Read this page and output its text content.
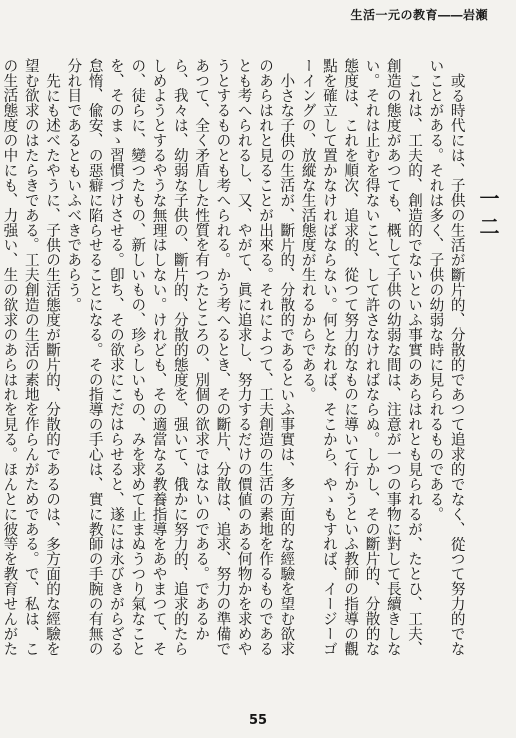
生活一元の教育――岩瀬
一二

或る時代には、子供の生活が斷片的、分散的であつて追求的でなく、從つて努力的でないことがある。それは多く、子供の幼弱な時に見られるものである。

これは、工夫的、創造的でないといふ事實のあらはれとも見られるが、たとひ、工夫、創造の態度があつても、概して子供の幼弱な間は、注意が一つの事物に對して長續きしない。それは止むを得ないこと、して許さなければならぬ。しかし、その斷片的、分散的な態度は、これを順次、追求的、從つて努力的なものに導いて行かうといふ教師の指導の觀點を確立して置かなければならない。何となれば、そこから、やゝもすれば、イージーゴーイングの、放縱な生活態度が生れるからである。

小さな子供の生活が、斷片的、分散的であるといふ事實は、多方面的な經驗を望む欲求のあらはれと見ることが出來る。それによつて、工夫創造の生活の素地を作るものであるとも考へられるし、又、やがて、眞に追求し、努力するだけの價値のある何物かを求めやうとするものとも考へられる。かう考へるとき、その斷片、分散は、追求、努力の準備であつて、全く矛盾した性質を有つたところの、別個の欲求ではないのである。であるから、我々は、幼弱な子供の、斷片的、分散的態度を、强いて、俄かに努力的、追求的たらしめようとするやうな無理はしない。けれども、その適當なる教養指導をあやまつて、その、徒らに、變つたもの、新しいもの、珍らしいもの、みを求めて止まぬうつり氣なことを、そのまゝ習慣づけさせる。卽ち、その欲求にこだはらせると、遂には永びきがらざる怠惰、偸安、の惡癖に陷らせることになる。その指導の手心は、實に教師の手腕の有無の分れ目であるともいふべきであらう。

先にも述べたやうに、子供の生活態度が斷片的、分散的であるのは、多方面的な經驗を望む欲求のはたらきである。工夫創造の生活の素地を作らんがためである。で、私は、この生活態度の中にも、力强い、生の欲求のあらはれを見る。ほんとに彼等を教育せんがた

55
